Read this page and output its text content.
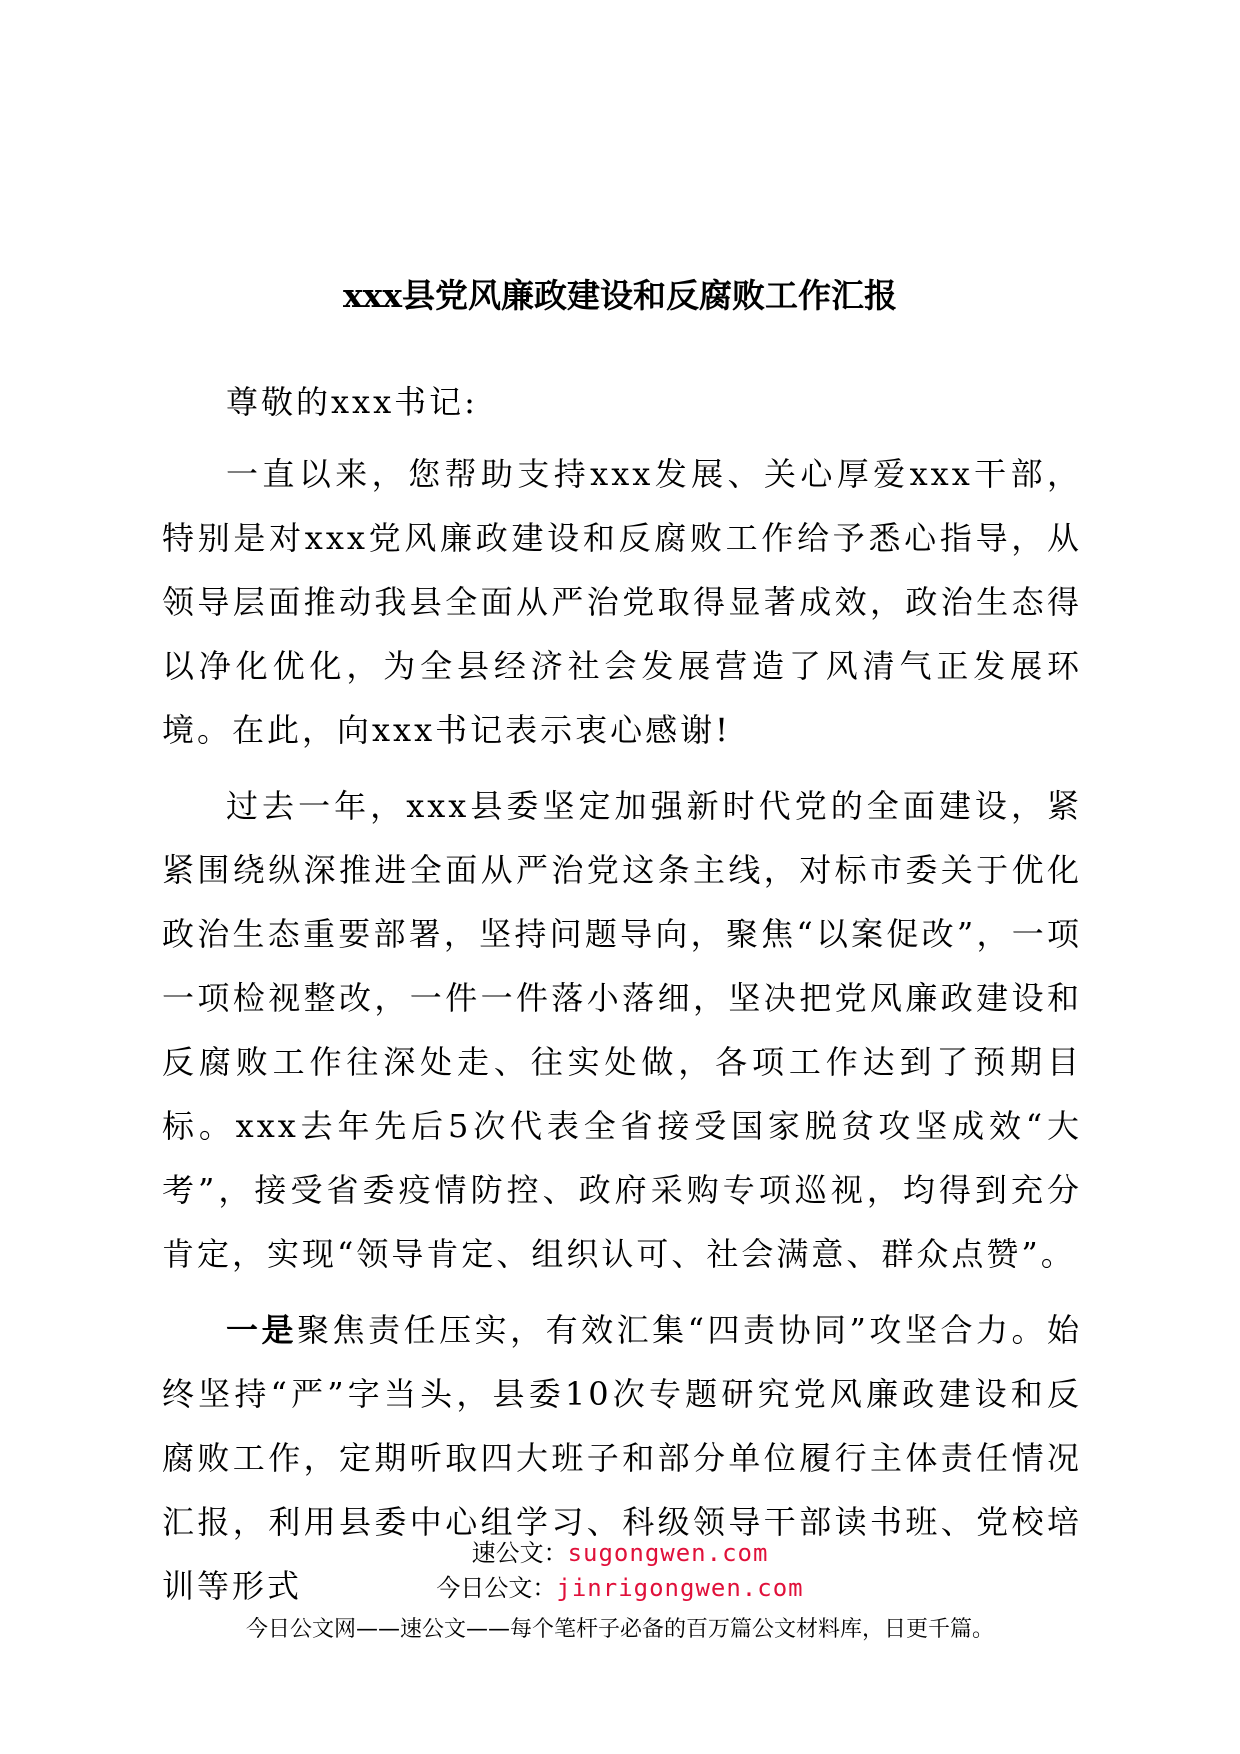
xxx县党风廉政建设和反腐败工作汇报

尊敬的xxx书记:

一直以来，您帮助支持xxx发展、关心厚爱xxx干部，特别是对xxx党风廉政建设和反腐败工作给予悉心指导，从领导层面推动我县全面从严治党取得显著成效，政治生态得以净化优化，为全县经济社会发展营造了风清气正发展环境。在此，向xxx书记表示衷心感谢!

过去一年，xxx县委坚定加强新时代党的全面建设，紧紧围绕纵深推进全面从严治党这条主线，对标市委关于优化政治生态重要部署，坚持问题导向，聚焦“以案促改”，一项一项检视整改，一件一件落小落细，坚决把党风廉政建设和反腐败工作往深处走、往实处做，各项工作达到了预期目标。xxx去年先后5次代表全省接受国家脱贫攻坚成效“大考”，接受省委疫情防控、政府采购专项巡视，均得到充分肯定，实现“领导肯定、组织认可、社会满意、群众点赞”。

一是聚焦责任压实，有效汇集“四责协同”攻坚合力。始终坚持“严”字当头，县委10次专题研究党风廉政建设和反腐败工作，定期听取四大班子和部分单位履行主体责任情况汇报，利用县委中心组学习、科级领导干部读书班、党校培训等形式

速公文：sugongwen.com
今日公文：jinrigongwen.com
今日公文网——速公文——每个笔杆子必备的百万篇公文材料库，日更千篇。
